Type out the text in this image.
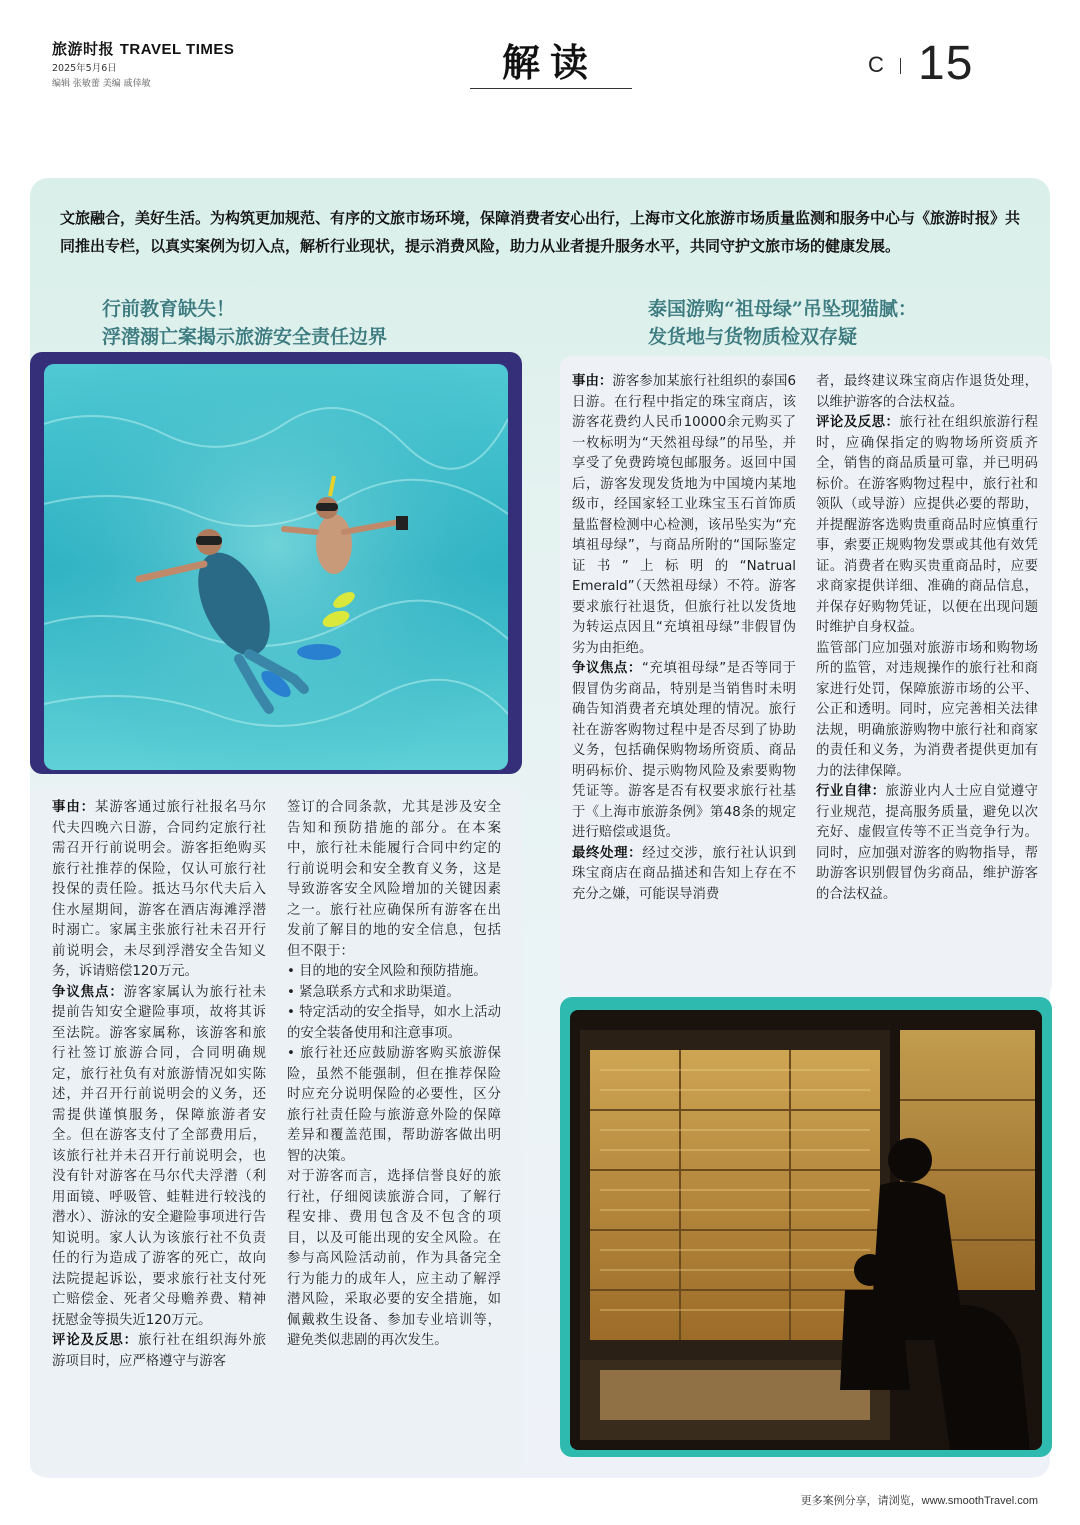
旅游时报 TRAVEL TIMES
2025年5月6日
编辑 张敏蕾 美编 戚倖敏	解读	C 15
文旅融合，美好生活。为构筑更加规范、有序的文旅市场环境，保障消费者安心出行，上海市文化旅游市场质量监测和服务中心与《旅游时报》共同推出专栏，以真实案例为切入点，解析行业现状，提示消费风险，助力从业者提升服务水平，共同守护文旅市场的健康发展。
行前教育缺失！
浮潜溺亡案揭示旅游安全责任边界
泰国游购“祖母绿”吊坠现猫腻：
发货地与货物质检双存疑

事由：游客参加某旅行社组织的泰国6日游。在行程中指定的珠宝商店，该游客花费约人民币10000余元购买了一枚标明为“天然祖母绿”的吊坠，并享受了免费跨境包邮服务。返回中国后，游客发现发货地为中国境内某地级市，经国家轻工业珠宝玉石首饰质量监督检测中心检测，该吊坠实为“充填祖母绿”，与商品所附的“国际鉴定证书”上标明的“Natrual Emerald”（天然祖母绿）不符。游客要求旅行社退货，但旅行社以发货地为转运点因且“充填祖母绿”非假冒伪劣为由拒绝。

争议焦点：“充填祖母绿”是否等同于假冒伪劣商品，特别是当销售时未明确告知消费者充填处理的情况。旅行社在游客购物过程中是否尽到了协助义务，包括确保购物场所资质、商品明码标价、提示购物风险及索要购物凭证等。游客是否有权要求旅行社基于《上海市旅游条例》第48条的规定进行赔偿或退货。

最终处理：经过交涉，旅行社认识到珠宝商店在商品描述和告知上存在不充分之嫌，可能误导消费

者，最终建议珠宝商店作退货处理，以维护游客的合法权益。

评论及反思：旅行社在组织旅游行程时，应确保指定的购物场所资质齐全，销售的商品质量可靠，并已明码标价。在游客购物过程中，旅行社和领队（或导游）应提供必要的帮助，并提醒游客选购贵重商品时应慎重行事，索要正规购物发票或其他有效凭证。消费者在购买贵重商品时，应要求商家提供详细、准确的商品信息，并保存好购物凭证，以便在出现问题时维护自身权益。

监管部门应加强对旅游市场和购物场所的监管，对违规操作的旅行社和商家进行处罚，保障旅游市场的公平、公正和透明。同时，应完善相关法律法规，明确旅游购物中旅行社和商家的责任和义务，为消费者提供更加有力的法律保障。

行业自律：旅游业内人士应自觉遵守行业规范，提高服务质量，避免以次充好、虚假宣传等不正当竞争行为。同时，应加强对游客的购物指导，帮助游客识别假冒伪劣商品，维护游客的合法权益。

事由：某游客通过旅行社报名马尔代夫四晚六日游，合同约定旅行社需召开行前说明会。游客拒绝购买旅行社推荐的保险，仅认可旅行社投保的责任险。抵达马尔代夫后入住水屋期间，游客在酒店海滩浮潜时溺亡。家属主张旅行社未召开行前说明会，未尽到浮潜安全告知义务，诉请赔偿120万元。

争议焦点：游客家属认为旅行社未提前告知安全避险事项，故将其诉至法院。游客家属称，该游客和旅行社签订旅游合同，合同明确规定，旅行社负有对旅游情况如实陈述，并召开行前说明会的义务，还需提供谨慎服务，保障旅游者安全。但在游客支付了全部费用后，该旅行社并未召开行前说明会，也没有针对游客在马尔代夫浮潜（利用面镜、呼吸管、蛙鞋进行较浅的潜水）、游泳的安全避险事项进行告知说明。家人认为该旅行社不负责任的行为造成了游客的死亡，故向法院提起诉讼，要求旅行社支付死亡赔偿金、死者父母赡养费、精神抚慰金等损失近120万元。

评论及反思：旅行社在组织海外旅游项目时，应严格遵守与游客

签订的合同条款，尤其是涉及安全告知和预防措施的部分。在本案中，旅行社未能履行合同中约定的行前说明会和安全教育义务，这是导致游客安全风险增加的关键因素之一。旅行社应确保所有游客在出发前了解目的地的安全信息，包括但不限于：

• 目的地的安全风险和预防措施。

• 紧急联系方式和求助渠道。

• 特定活动的安全指导，如水上活动的安全装备使用和注意事项。

• 旅行社还应鼓励游客购买旅游保险，虽然不能强制，但在推荐保险时应充分说明保险的必要性，区分旅行社责任险与旅游意外险的保障差异和覆盖范围，帮助游客做出明智的决策。

对于游客而言，选择信誉良好的旅行社，仔细阅读旅游合同，了解行程安排、费用包含及不包含的项目，以及可能出现的安全风险。在参与高风险活动前，作为具备完全行为能力的成年人，应主动了解浮潜风险，采取必要的安全措施，如佩戴救生设备、参加专业培训等，避免类似悲剧的再次发生。

更多案例分享，请浏览，www.smoothTravel.com
